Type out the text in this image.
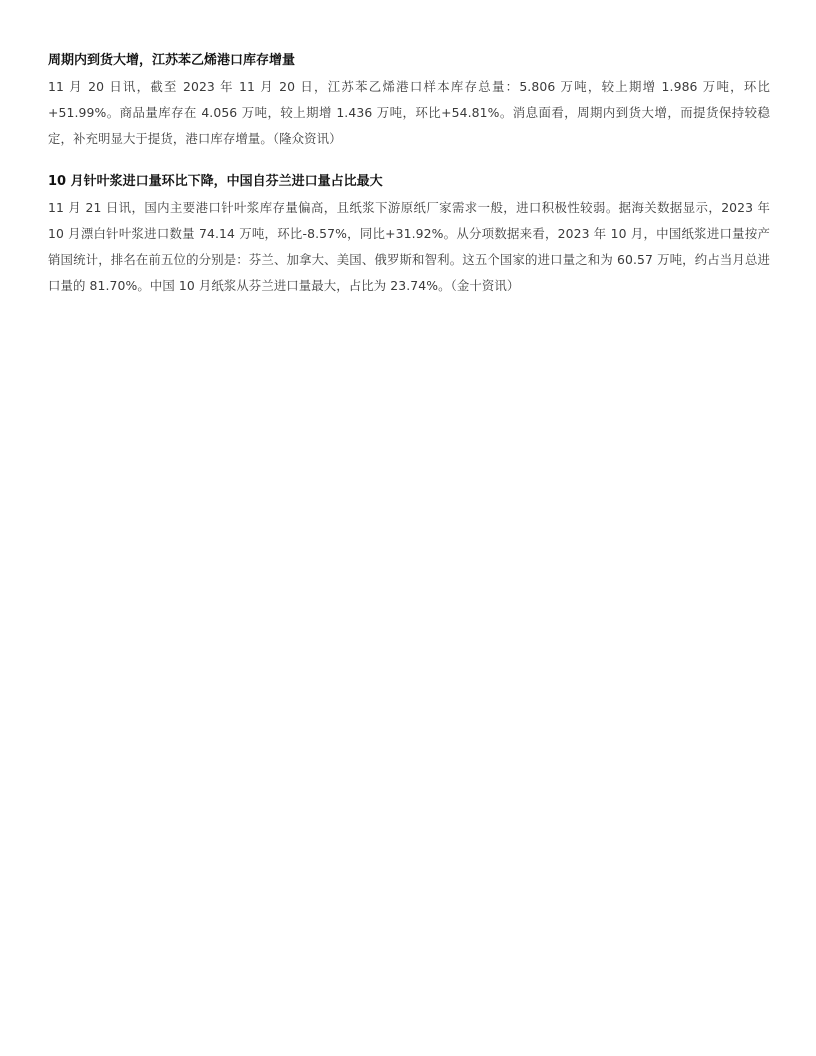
周期内到货大增，江苏苯乙烯港口库存增量

11 月 20 日讯，截至 2023 年 11 月 20 日，江苏苯乙烯港口样本库存总量：5.806 万吨，较上期增 1.986 万吨，环比+51.99%。商品量库存在 4.056 万吨，较上期增 1.436 万吨，环比+54.81%。消息面看，周期内到货大增，而提货保持较稳定，补充明显大于提货，港口库存增量。（隆众资讯）

10 月针叶浆进口量环比下降，中国自芬兰进口量占比最大

11 月 21 日讯，国内主要港口针叶浆库存量偏高，且纸浆下游原纸厂家需求一般，进口积极性较弱。据海关数据显示，2023 年 10 月漂白针叶浆进口数量 74.14 万吨，环比-8.57%，同比+31.92%。从分项数据来看，2023 年 10 月，中国纸浆进口量按产销国统计，排名在前五位的分别是：芬兰、加拿大、美国、俄罗斯和智利。这五个国家的进口量之和为 60.57 万吨，约占当月总进口量的 81.70%。中国 10 月纸浆从芬兰进口量最大，占比为 23.74%。（金十资讯）
